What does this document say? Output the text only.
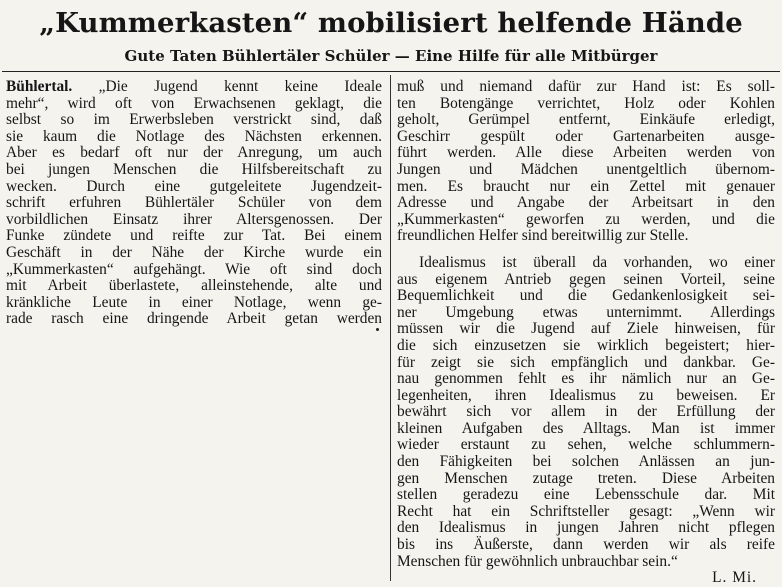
„Kummerkasten“ mobilisiert helfende Hände
Gute Taten Bühlertäler Schüler — Eine Hilfe für alle Mitbürger
Bühlertal. „Die Jugend kennt keine Ideale
mehr“, wird oft von Erwachsenen geklagt, die
selbst so im Erwerbsleben verstrickt sind, daß
sie kaum die Notlage des Nächsten erkennen.
Aber es bedarf oft nur der Anregung, um auch
bei jungen Menschen die Hilfsbereitschaft zu
wecken. Durch eine gutgeleitete Jugendzeit-
schrift erfuhren Bühlertäler Schüler von dem
vorbildlichen Einsatz ihrer Altersgenossen. Der
Funke zündete und reifte zur Tat. Bei einem
Geschäft in der Nähe der Kirche wurde ein
„Kummerkasten“ aufgehängt. Wie oft sind doch
mit Arbeit überlastete, alleinstehende, alte und
kränkliche Leute in einer Notlage, wenn ge-
rade rasch eine dringende Arbeit getan werden
muß und niemand dafür zur Hand ist: Es soll-
ten Botengänge verrichtet, Holz oder Kohlen
geholt, Gerümpel entfernt, Einkäufe erledigt,
Geschirr gespült oder Gartenarbeiten ausge-
führt werden. Alle diese Arbeiten werden von
Jungen und Mädchen unentgeltlich übernom-
men. Es braucht nur ein Zettel mit genauer
Adresse und Angabe der Arbeitsart in den
„Kummerkasten“ geworfen zu werden, und die
freundlichen Helfer sind bereitwillig zur Stelle.
Idealismus ist überall da vorhanden, wo einer
aus eigenem Antrieb gegen seinen Vorteil, seine
Bequemlichkeit und die Gedankenlosigkeit sei-
ner Umgebung etwas unternimmt. Allerdings
müssen wir die Jugend auf Ziele hinweisen, für
die sich einzusetzen sie wirklich begeistert; hier-
für zeigt sie sich empfänglich und dankbar. Ge-
nau genommen fehlt es ihr nämlich nur an Ge-
legenheiten, ihren Idealismus zu beweisen. Er
bewährt sich vor allem in der Erfüllung der
kleinen Aufgaben des Alltags. Man ist immer
wieder erstaunt zu sehen, welche schlummern-
den Fähigkeiten bei solchen Anlässen an jun-
gen Menschen zutage treten. Diese Arbeiten
stellen geradezu eine Lebensschule dar. Mit
Recht hat ein Schriftsteller gesagt: „Wenn wir
den Idealismus in jungen Jahren nicht pflegen
bis ins Äußerste, dann werden wir als reife
Menschen für gewöhnlich unbrauchbar sein.“
L. Mi.
